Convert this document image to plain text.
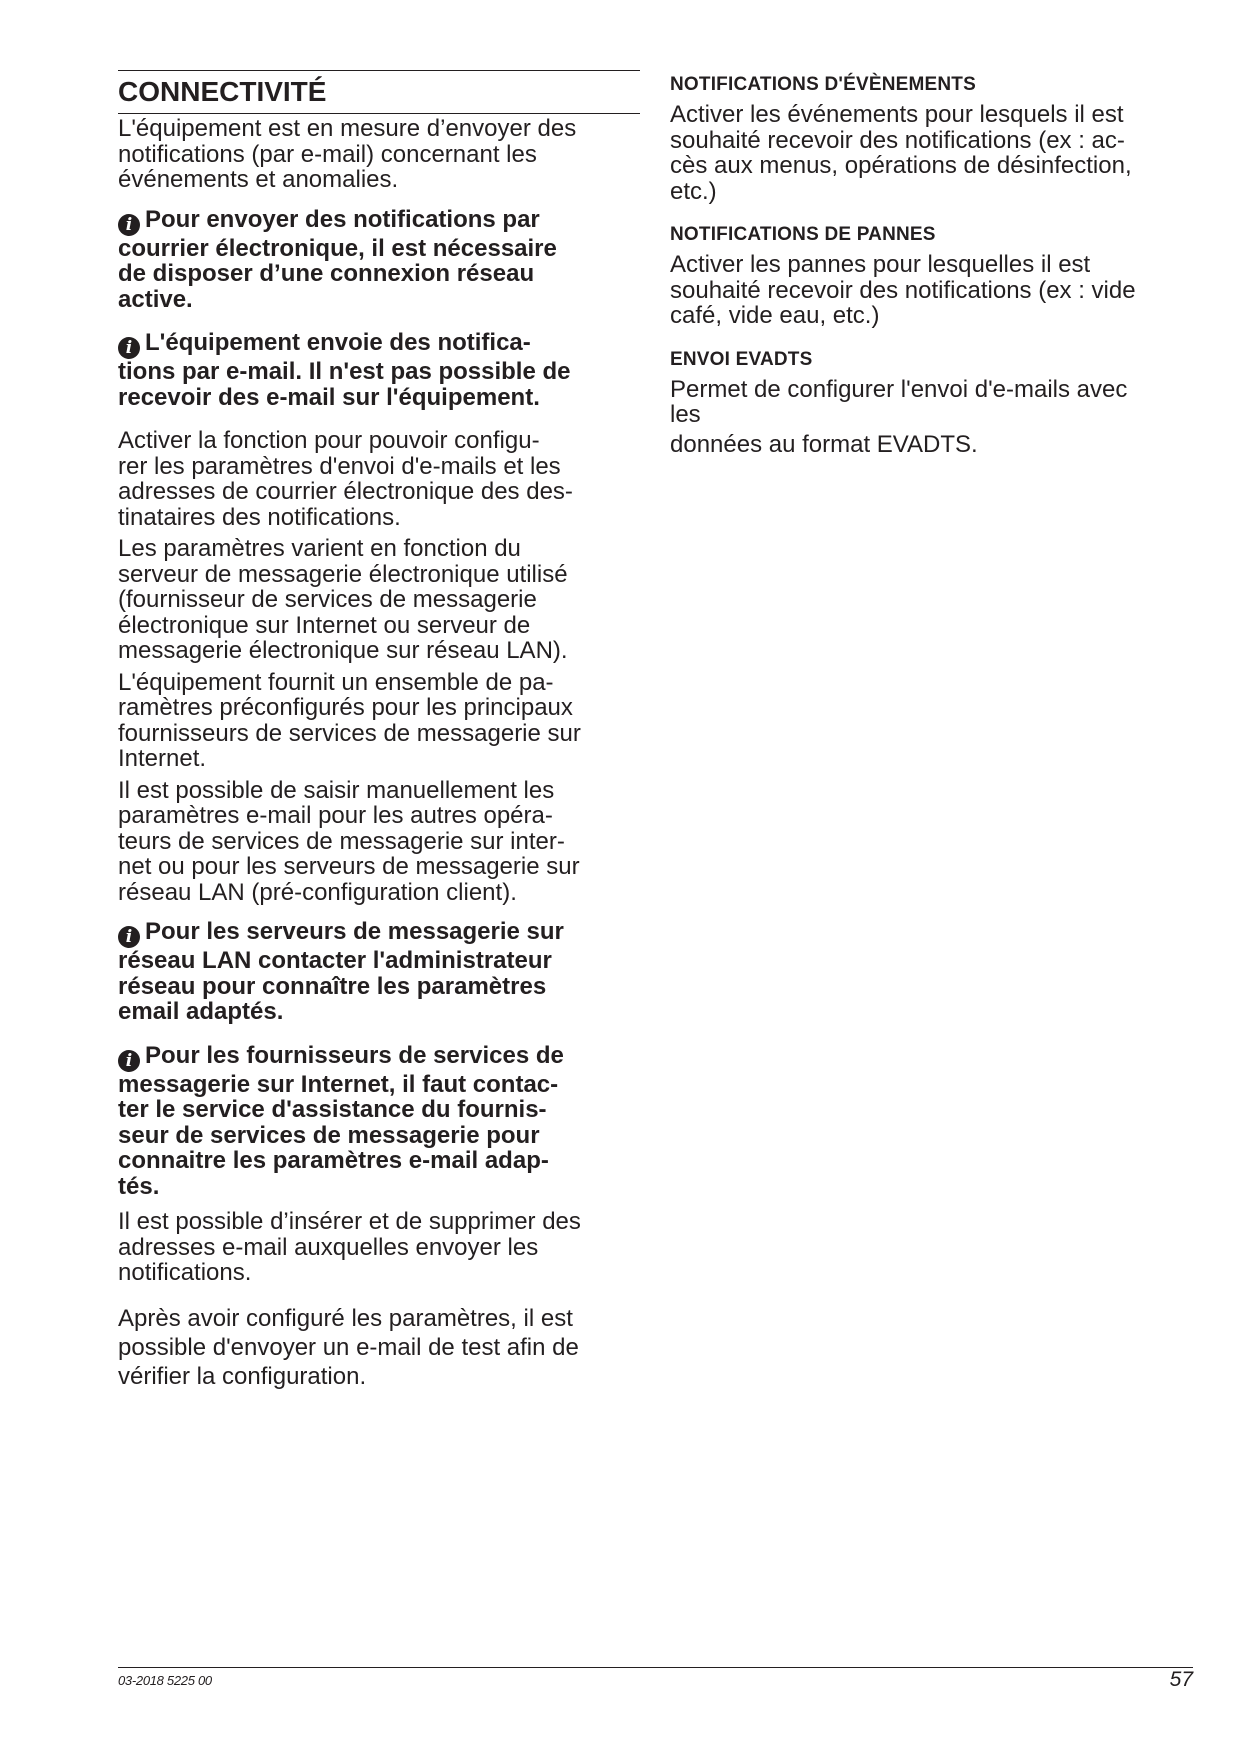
CONNECTIVITÉ

L'équipement est en mesure d’envoyer des
notifications (par e-mail) concernant les
événements et anomalies.

i Pour envoyer des notifications par
courrier électronique, il est nécessaire
de disposer d’une connexion réseau
active.
i L'équipement envoie des notifica-
tions par e-mail. Il n'est pas possible de
recevoir des e-mail sur l'équipement.

Activer la fonction pour pouvoir configu-
rer les paramètres d'envoi d'e-mails et les
adresses de courrier électronique des des-
tinataires des notifications.

Les paramètres varient en fonction du
serveur de messagerie électronique utilisé
(fournisseur de services de messagerie
électronique sur Internet ou serveur de
messagerie électronique sur réseau LAN).

L'équipement fournit un ensemble de pa-
ramètres préconfigurés pour les principaux
fournisseurs de services de messagerie sur
Internet.

Il est possible de saisir manuellement les
paramètres e-mail pour les autres opéra-
teurs de services de messagerie sur inter-
net ou pour les serveurs de messagerie sur
réseau LAN (pré-configuration client).

i Pour les serveurs de messagerie sur
réseau LAN contacter l'administrateur
réseau pour connaître les paramètres
email adaptés.
i Pour les fournisseurs de services de
messagerie sur Internet, il faut contac-
ter le service d'assistance du fournis-
seur de services de messagerie pour
connaitre les paramètres e-mail adap-
tés.

Il est possible d’insérer et de supprimer des
adresses e-mail auxquelles envoyer les
notifications.

Après avoir configuré les paramètres, il est
possible d'envoyer un e-mail de test afin de
vérifier la configuration.

NOTIFICATIONS D'ÉVÈNEMENTS
Activer les événements pour lesquels il est
souhaité recevoir des notifications (ex : ac-
cès aux menus, opérations de désinfection,
etc.)
NOTIFICATIONS DE PANNES
Activer les pannes pour lesquelles il est
souhaité recevoir des notifications (ex : vide
café, vide eau, etc.)
ENVOI EVADTS
Permet de configurer l'envoi d'e-mails avec
les
données au format EVADTS.
03-2018 5225 00	57
